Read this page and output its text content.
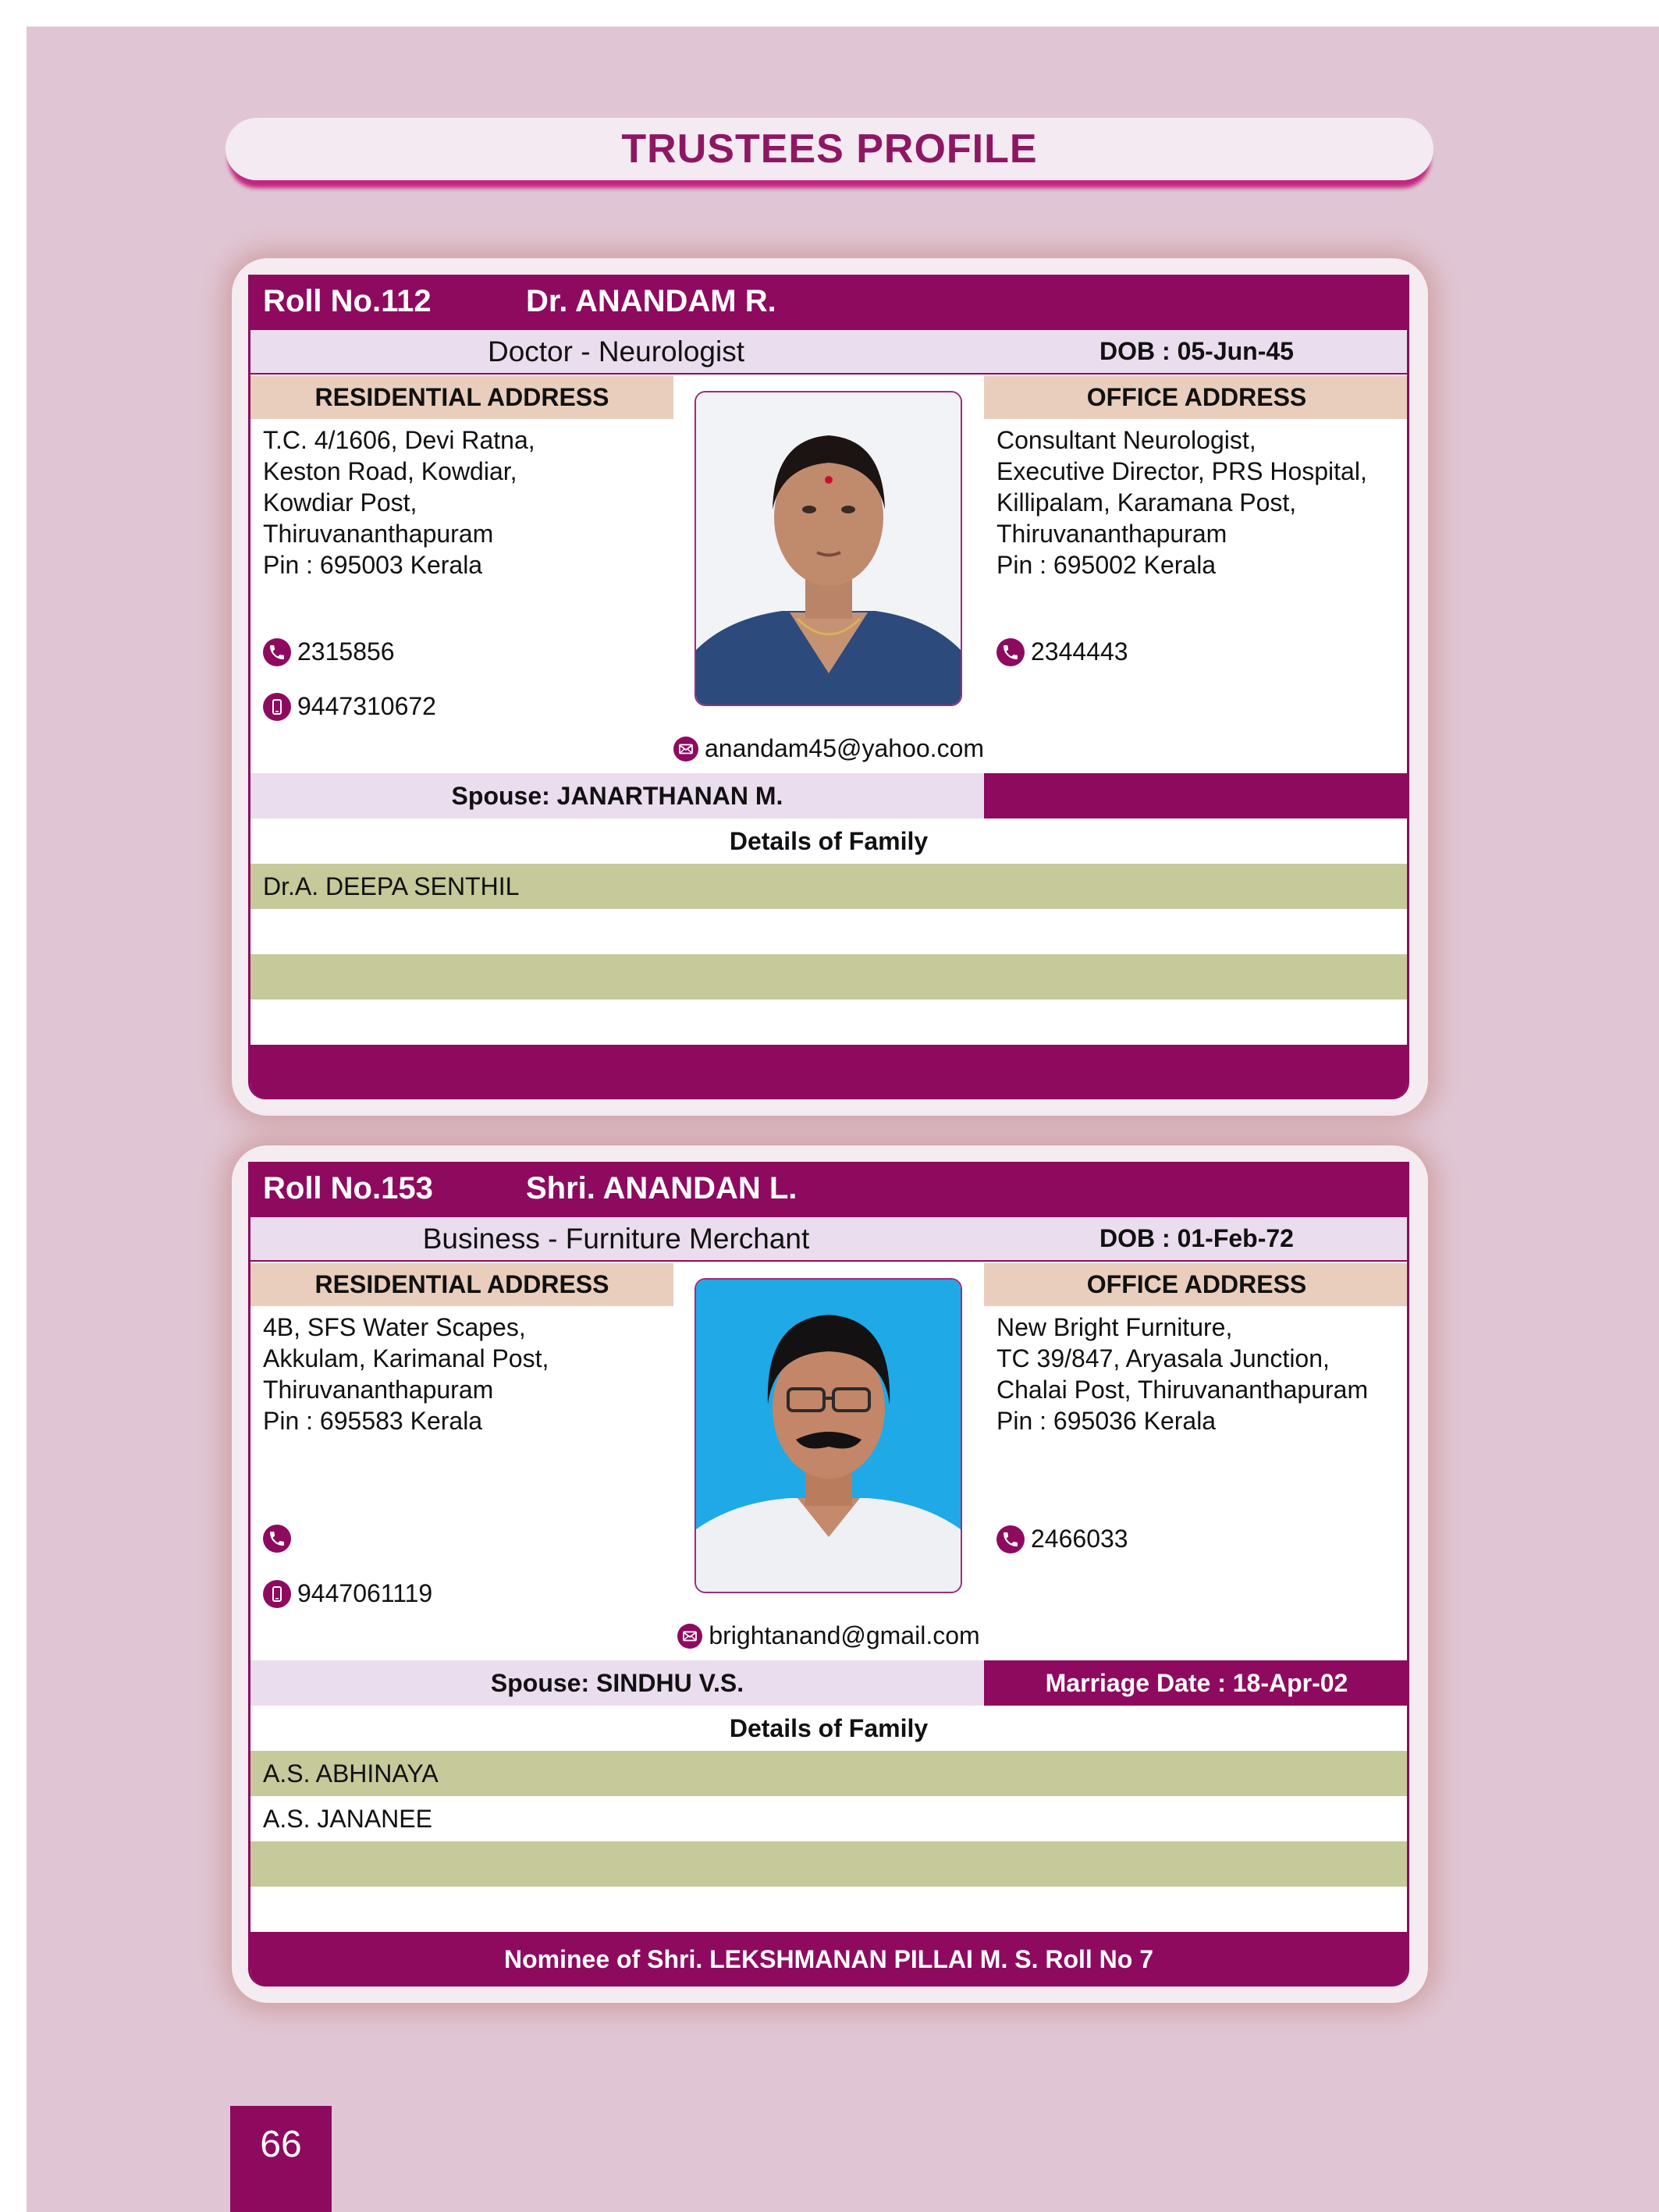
TRUSTEES PROFILE
Roll No.112	Dr. ANANDAM R.
Doctor - Neurologist	DOB : 05-Jun-45
RESIDENTIAL ADDRESS	OFFICE ADDRESS
T.C. 4/1606, Devi Ratna,
Keston Road, Kowdiar,
Kowdiar Post,
Thiruvananthapuram
Pin : 695003 Kerala
Consultant Neurologist,
Executive Director, PRS Hospital,
Killipalam, Karamana Post,
Thiruvananthapuram
Pin : 695002 Kerala
2315856
9447310672
2344443
anandam45@yahoo.com
Spouse: JANARTHANAN M.
Details of Family
Dr.A. DEEPA SENTHIL
Roll No.153	Shri. ANANDAN L.
Business - Furniture Merchant	DOB : 01-Feb-72
RESIDENTIAL ADDRESS	OFFICE ADDRESS
4B, SFS Water Scapes,
Akkulam, Karimanal Post,
Thiruvananthapuram
Pin : 695583 Kerala
New Bright Furniture,
TC 39/847, Aryasala Junction,
Chalai Post, Thiruvananthapuram
Pin : 695036 Kerala
9447061119
2466033
brightanand@gmail.com
Spouse: SINDHU V.S.	Marriage Date : 18-Apr-02
Details of Family
A.S. ABHINAYA
A.S. JANANEE
Nominee of Shri. LEKSHMANAN PILLAI M. S. Roll No 7
66
